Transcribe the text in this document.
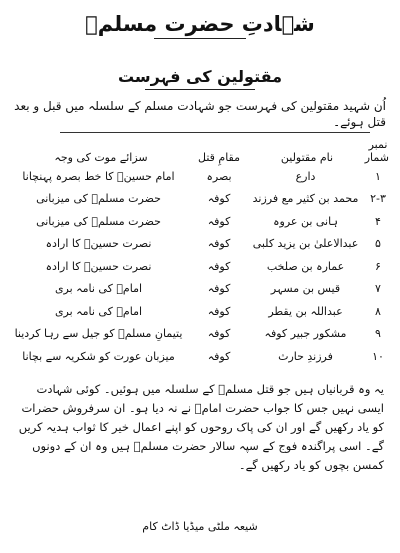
شہادتِ حضرت مسلمؑ
مقتولین کی فہرست
اُن شہید مقتولین کی فہرست جو شہادت مسلم کے سلسلہ میں قبل و بعد قتل ہوئے۔
نمبر شمار	نام مقتولین	مقامِ قتل	سزائے موت کی وجہ
۱	دارع	بصرہ	امام حسینؑ کا خط بصرہ پہنچانا
۲-۳	محمد بن کثیر مع فرزند	کوفہ	حضرت مسلمؑ کی میزبانی
۴	ہانی بن عروہ	کوفہ	حضرت مسلمؑ کی میزبانی
۵	عبدالاعلیٰ بن یزید کلبی	کوفہ	نصرت حسینؑ کا ارادہ
۶	عمارہ بن صلخب	کوفہ	نصرت حسینؑ کا ارادہ
۷	قیس بن مسہر	کوفہ	امامؑ کی نامہ بری
۸	عبداللہ بن یقطر	کوفہ	امامؑ کی نامہ بری
۹	مشکور جبیر کوفہ	کوفہ	یتیمانِ مسلمؑ کو جیل سے رہا کردینا
۱۰	فرزندِ حارث	کوفہ	میزبان عورت کو شکریہ سے بچانا
یہ وہ قربانیاں ہیں جو قتل مسلمؑ کے سلسلہ میں ہوئیں۔ کوئی شہادت ایسی نہیں جس کا جواب حضرت امامؑ نے نہ دیا ہو۔ ان سرفروش حضرات کو یاد رکھیں گے اور ان کی پاک روحوں کو اپنے اعمال خیر کا ثواب ہدیہ کریں گے۔ اسی پراگندہ فوج کے سپہ سالار حضرت مسلمؑ ہیں وہ ان کے دونوں کمسن بچوں کو یاد رکھیں گے۔
شیعہ ملٹی میڈیا ڈاٹ کام
